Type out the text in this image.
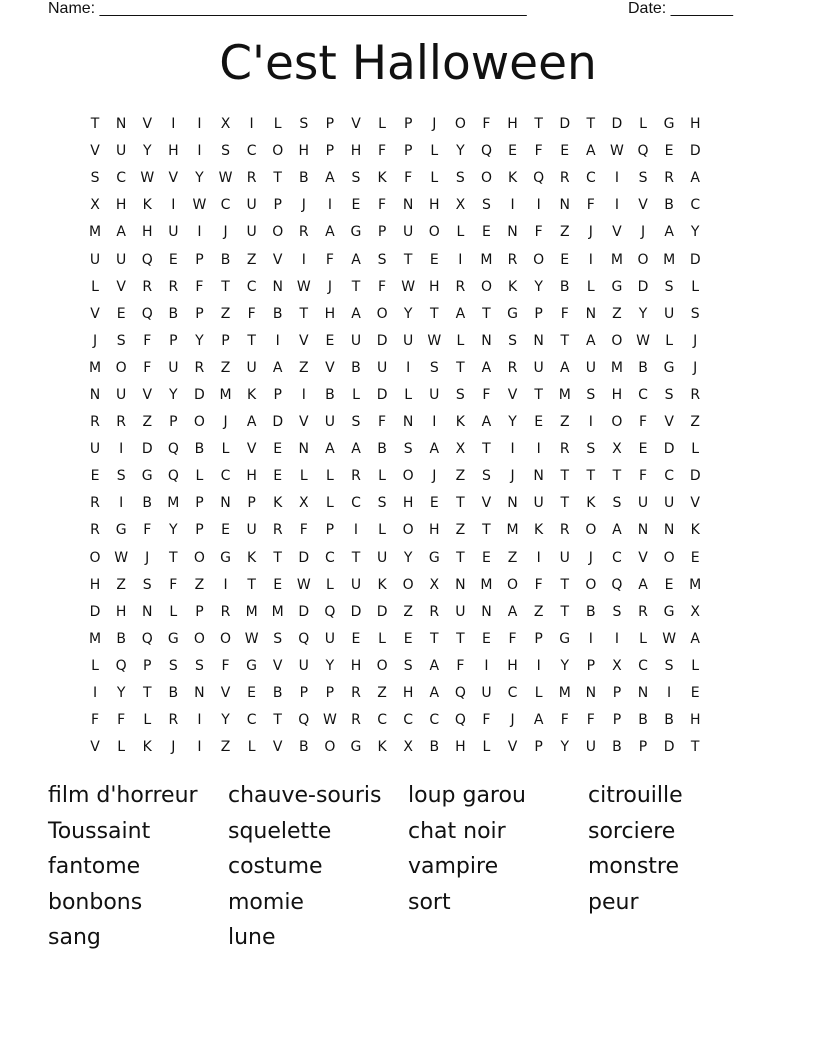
Name: ________________________________________________	Date: _______
C'est Halloween
T	N	V	I	I	X	I	L	S	P	V	L	P	J	O	F	H	T	D	T	D	L	G	H
V	U	Y	H	I	S	C	O	H	P	H	F	P	L	Y	Q	E	F	E	A	W Q	E	D
S	C	W	V	Y	W	R	T	B	A	S	K	F	L	S	O	K	Q	R	C	I	S	R	A
X	H	K	I	W	C	U	P	J	I	E	F	N	H	X	S	I	I	N	F	I	V	B	C
M	A	H	U	I	J	U	O	R	A	G	P	U	O	L	E	N	F	Z	J	V	J	A	Y
U	U	Q	E	P	B	Z	V	I	F	A	S	T	E	I	M	R	O	E	I	M	O	M	D
L	V	R	R	F	T	C	N W	J	T	F	W H	R	O	K	Y	B	L	G	D	S	L
V	E	Q	B	P	Z	F	B	T	H	A	O	Y	T	A	T	G	P	F	N	Z	Y	U	S
J	S	F	P	Y	P	T	I	V	E	U	D	U	W	L	N	S	N	T	A	O W	L	J
M	O	F	U	R	Z	U	A	Z	V	B	U	I	S	T	A	R	U	A	U	M	B	G	J
N	U	V	Y	D	M	K	P	I	B	L	D	L	U	S	F	V	T	M	S	H	C	S	R
R	R	Z	P	O	J	A	D	V	U	S	F	N	I	K	A	Y	E	Z	I	O	F	V	Z
U	I	D	Q	B	L	V	E	N	A	A	B	S	A	X	T	I	I	R	S	X	E	D	L
E	S	G	Q	L	C	H	E	L	L	R	L	O	J	Z	S	J	N	T	T	T	F	C	D
R	I	B	M	P	N	P	K	X	L	C	S	H	E	T	V	N	U	T	K	S	U	U	V
R	G	F	Y	P	E	U	R	F	P	I	L	O	H	Z	T	M	K	R	O	A	N	N	K
O W	J	T	O	G	K	T	D	C	T	U	Y	G	T	E	Z	I	U	J	C	V	O	E
H	Z	S	F	Z	I	T	E	W	L	U	K	O	X	N	M	O	F	T	O	Q	A	E	M
D	H	N	L	P	R	M	M	D	Q	D	D	Z	R	U	N	A	Z	T	B	S	R	G	X
M	B	Q	G	O	O W	S	Q	U	E	L	E	T	T	E	F	P	G	I	I	L	W	A
L	Q	P	S	S	F	G	V	U	Y	H	O	S	A	F	I	H	I	Y	P	X	C	S	L
I	Y	T	B	N	V	E	B	P	P	R	Z	H	A	Q	U	C	L	M	N	P	N	I	E
F	F	L	R	I	Y	C	T	Q W	R	C	C	C	Q	F	J	A	F	F	P	B	B	H
V	L	K	J	I	Z	L	V	B	O	G	K	X	B	H	L	V	P	Y	U	B	P	D	T
film d'horreur	chauve-souris	loup garou	citrouille
Toussaint	squelette	chat noir	sorciere
fantome	costume	vampire	monstre
bonbons	momie	sort	peur
sang	lune
